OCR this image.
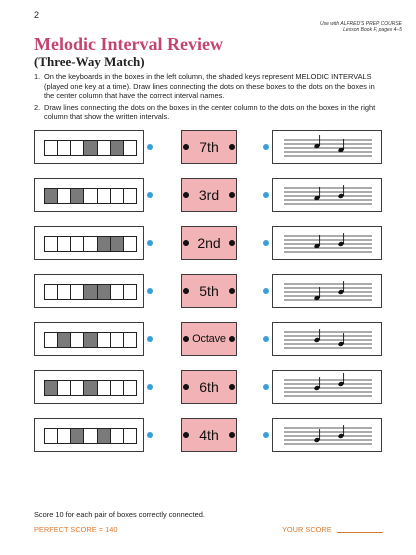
2
Use with ALFRED'S PREP COURSE
Lesson Book F, pages 4–5
Melodic Interval Review
(Three-Way Match)
1. On the keyboards in the boxes in the left column, the shaded keys represent MELODIC INTERVALS (played one key at a time). Draw lines connecting the dots on these boxes to the dots on the boxes in the center column that have the correct interval names.
2. Draw lines connecting the dots on the boxes in the center column to the dots on the boxes in the right column that show the written intervals.
7th
3rd
2nd
5th
Octave
6th
4th
Score 10 for each pair of boxes correctly connected.
PERFECT SCORE = 140	YOUR SCORE
